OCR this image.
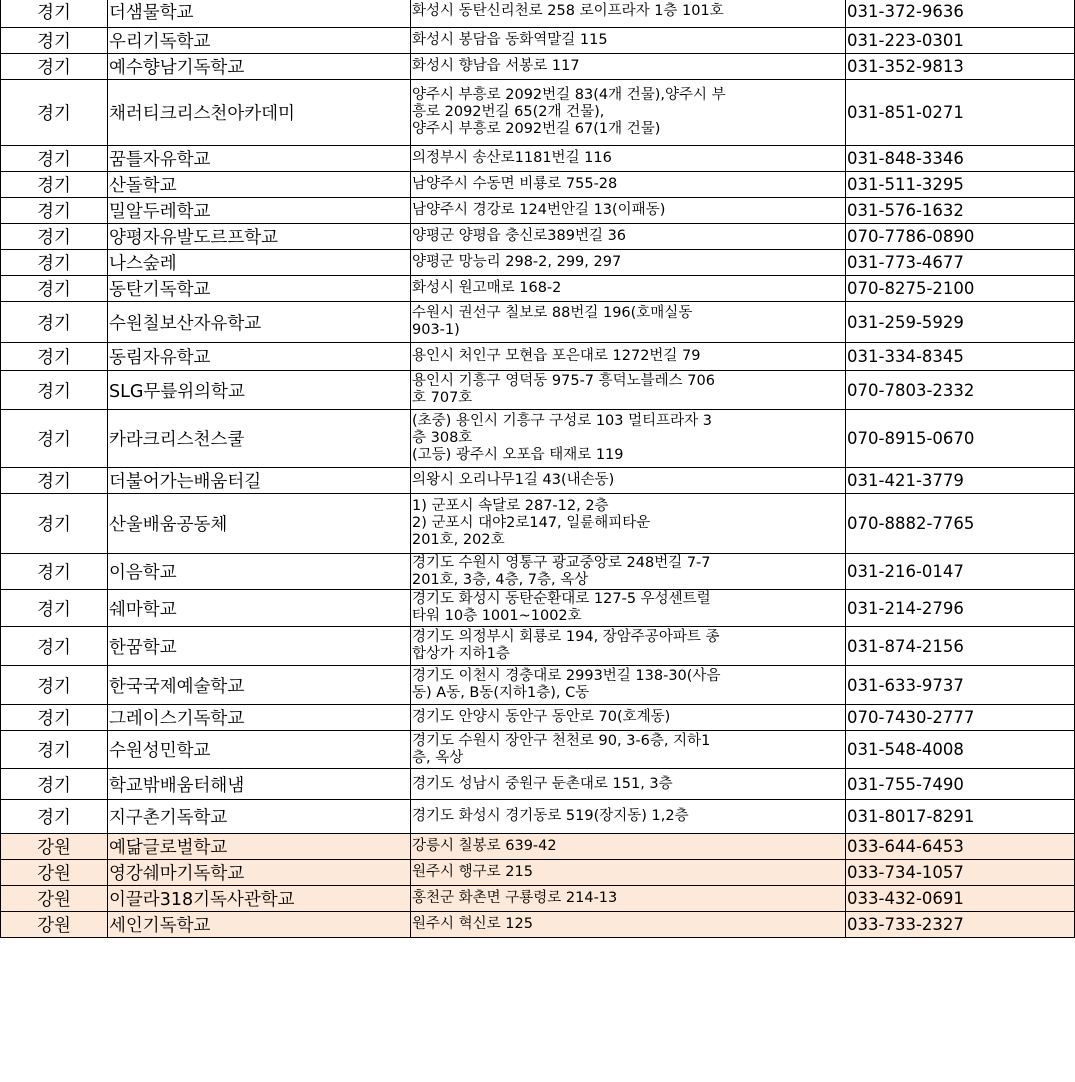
경기	더샘물학교	화성시 동탄신리천로 258 로이프라자 1층 101호	031-372-9636
경기	우리기독학교	화성시 봉담읍 동화역말길 115	031-223-0301
경기	예수향남기독학교	화성시 향남읍 서봉로 117	031-352-9813
경기	채러티크리스천아카데미	양주시 부흥로 2092번길 83(4개 건물),양주시 부
흥로 2092번길 65(2개 건물),
양주시 부흥로 2092번길 67(1개 건물)	031-851-0271
경기	꿈틀자유학교	의정부시 송산로1181번길 116	031-848-3346
경기	산돌학교	남양주시 수동면 비룡로 755-28	031-511-3295
경기	밀알두레학교	남양주시 경강로 124번안길 13(이패동)	031-576-1632
경기	양평자유발도르프학교	양평군 양평읍 충신로389번길 36	070-7786-0890
경기	나스숲레	양평군 망능리 298-2, 299, 297	031-773-4677
경기	동탄기독학교	화성시 원고매로 168-2	070-8275-2100
경기	수원칠보산자유학교	수원시 권선구 칠보로 88번길 196(호매실동
903-1)	031-259-5929
경기	동림자유학교	용인시 처인구 모현읍 포은대로 1272번길 79	031-334-8345
경기	SLG무릎위의학교	용인시 기흥구 영덕동 975-7 흥덕노블레스 706
호 707호	070-7803-2332
경기	카라크리스천스쿨	(초중) 용인시 기흥구 구성로 103 멀티프라자 3
층 308호
(고등) 광주시 오포읍 태재로 119	070-8915-0670
경기	더불어가는배움터길	의왕시 오리나무1길 43(내손동)	031-421-3779
경기	산울배움공동체	1) 군포시 속달로 287-12, 2층
2) 군포시 대야2로147, 일륜해피타운
201호, 202호	070-8882-7765
경기	이음학교	경기도 수원시 영통구 광교중앙로 248번길 7-7
201호, 3층, 4층, 7층, 옥상	031-216-0147
경기	쉐마학교	경기도 화성시 동탄순환대로 127-5 우성센트럴
타워 10층 1001~1002호	031-214-2796
경기	한꿈학교	경기도 의정부시 회룡로 194, 장암주공아파트 종
합상가 지하1층	031-874-2156
경기	한국국제예술학교	경기도 이천시 경충대로 2993번길 138-30(사음
동) A동, B동(지하1층), C동	031-633-9737
경기	그레이스기독학교	경기도 안양시 동안구 동안로 70(호계동)	070-7430-2777
경기	수원성민학교	경기도 수원시 장안구 천천로 90, 3-6층, 지하1
층, 옥상	031-548-4008
경기	학교밖배움터해냄	경기도 성남시 중원구 둔촌대로 151, 3층	031-755-7490
경기	지구촌기독학교	경기도 화성시 경기동로 519(장지동) 1,2층	031-8017-8291
강원	예닮글로벌학교	강릉시 칠봉로 639-42	033-644-6453
강원	영강쉐마기독학교	원주시 행구로 215	033-734-1057
강원	이끌라318기독사관학교	홍천군 화촌면 구룡령로 214-13	033-432-0691
강원	세인기독학교	원주시 혁신로 125	033-733-2327
